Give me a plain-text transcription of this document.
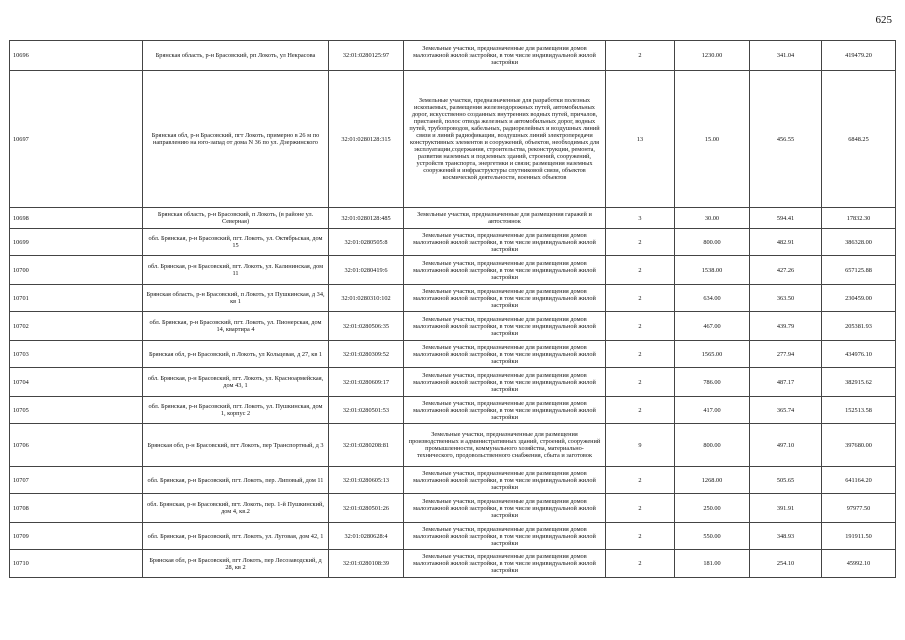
625
10696	Брянская область, р-н Брасовский, рп Локоть, ул Некрасова	32:01:0280125:97	Земельные участки, предназначенные для размещения домов малоэтажной жилой застройки, в том числе индивидуальной жилой застройки	2	1230.00	341.04	419479.20
10697	Брянская обл, р-н Брасовский, пгт Локоть, примерно в 26 м по направлению на юго-запад от дома N 36 по ул. Дзержинского	32:01:0280128:315	Земельные участки, предназначенные для разработки полезных ископаемых, размещения железнодорожных путей, автомобильных дорог, искусственно созданных внутренних водных путей, причалов, пристаней, полос отвода железных и автомобильных дорог, водных путей, трубопроводов, кабельных, радиорелейных и воздушных линий связи и линий радиофикации, воздушных линий электропередачи конструктивных элементов и сооружений, объектов, необходимых для эксплуатации,содержания, строительства, реконструкции, ремонта, развития наземных и подземных зданий, строений, сооружений, устройств транспорта, энергетики и связи; размещения наземных сооружений и инфраструктуры спутниковой связи, объектов космической деятельности, военных объектов	13	15.00	456.55	6848.25
10698	Брянская область, р-н Брасовский, п Локоть, (в районе ул. Северная)	32:01:0280128:485	Земельные участки, предназначенные для размещения гаражей и автостоянок	3	30.00	594.41	17832.30
10699	обл. Брянская, р-н Брасовский, пгт. Локоть, ул. Октябрьская, дом 15	32:01:0280505:8	Земельные участки, предназначенные для размещения домов малоэтажной жилой застройки, в том числе индивидуальной жилой застройки	2	800.00	482.91	386328.00
10700	обл. Брянская, р-н Брасовский, пгт. Локоть, ул. Калининская, дом 11	32:01:0280419:6	Земельные участки, предназначенные для размещения домов малоэтажной жилой застройки, в том числе индивидуальной жилой застройки	2	1538.00	427.26	657125.88
10701	Брянская область, р-н Брасовский, п Локоть, ул Пушкинская, д 34, кв 1	32:01:0280310:102	Земельные участки, предназначенные для размещения домов малоэтажной жилой застройки, в том числе индивидуальной жилой застройки	2	634.00	363.50	230459.00
10702	обл. Брянская, р-н Брасовский, пгт. Локоть, ул. Пионерская, дом 14, квартира 4	32:01:0280506:35	Земельные участки, предназначенные для размещения домов малоэтажной жилой застройки, в том числе индивидуальной жилой застройки	2	467.00	439.79	205381.93
10703	Брянская обл, р-н Брасовский, п Локоть, ул Кольцевая, д 27, кв 1	32:01:0280309:52	Земельные участки, предназначенные для размещения домов малоэтажной жилой застройки, в том числе индивидуальной жилой застройки	2	1565.00	277.94	434976.10
10704	обл. Брянская, р-н Брасовский, пгт. Локоть, ул. Красноармейская, дом 43, 1	32:01:0280609:17	Земельные участки, предназначенные для размещения домов малоэтажной жилой застройки, в том числе индивидуальной жилой застройки	2	786.00	487.17	382915.62
10705	обл. Брянская, р-н Брасовский, пгт. Локоть, ул. Пушкинская, дом 1, корпус 2	32:01:0280501:53	Земельные участки, предназначенные для размещения домов малоэтажной жилой застройки, в том числе индивидуальной жилой застройки	2	417.00	365.74	152513.58
10706	Брянская обл, р-н Брасовский, пгт Локоть, пер Транспортный, д 3	32:01:0280208:81	Земельные участки, предназначенные для размещения производственных и административных зданий, строений, сооружений промышленности, коммунального хозяйства, материально-технического, продовольственного снабжения, сбыта и заготовок	9	800.00	497.10	397680.00
10707	обл. Брянская, р-н Брасовский, пгт. Локоть, пер. Липовый, дом 11	32:01:0280605:13	Земельные участки, предназначенные для размещения домов малоэтажной жилой застройки, в том числе индивидуальной жилой застройки	2	1268.00	505.65	641164.20
10708	обл. Брянская, р-н Брасовский, пгт. Локоть, пер. 1-й Пушкинский, дом 4, кв.2	32:01:0280501:26	Земельные участки, предназначенные для размещения домов малоэтажной жилой застройки, в том числе индивидуальной жилой застройки	2	250.00	391.91	97977.50
10709	обл. Брянская, р-н Брасовский, пгт. Локоть, ул. Луговая, дом 42, 1	32:01:0280628:4	Земельные участки, предназначенные для размещения домов малоэтажной жилой застройки, в том числе индивидуальной жилой застройки	2	550.00	348.93	191911.50
10710	Брянская обл, р-н Брасовский, пгт Локоть, пер Лесозаводский, д 28, кв 2	32:01:0280108:39	Земельные участки, предназначенные для размещения домов малоэтажной жилой застройки, в том числе индивидуальной жилой застройки	2	181.00	254.10	45992.10
